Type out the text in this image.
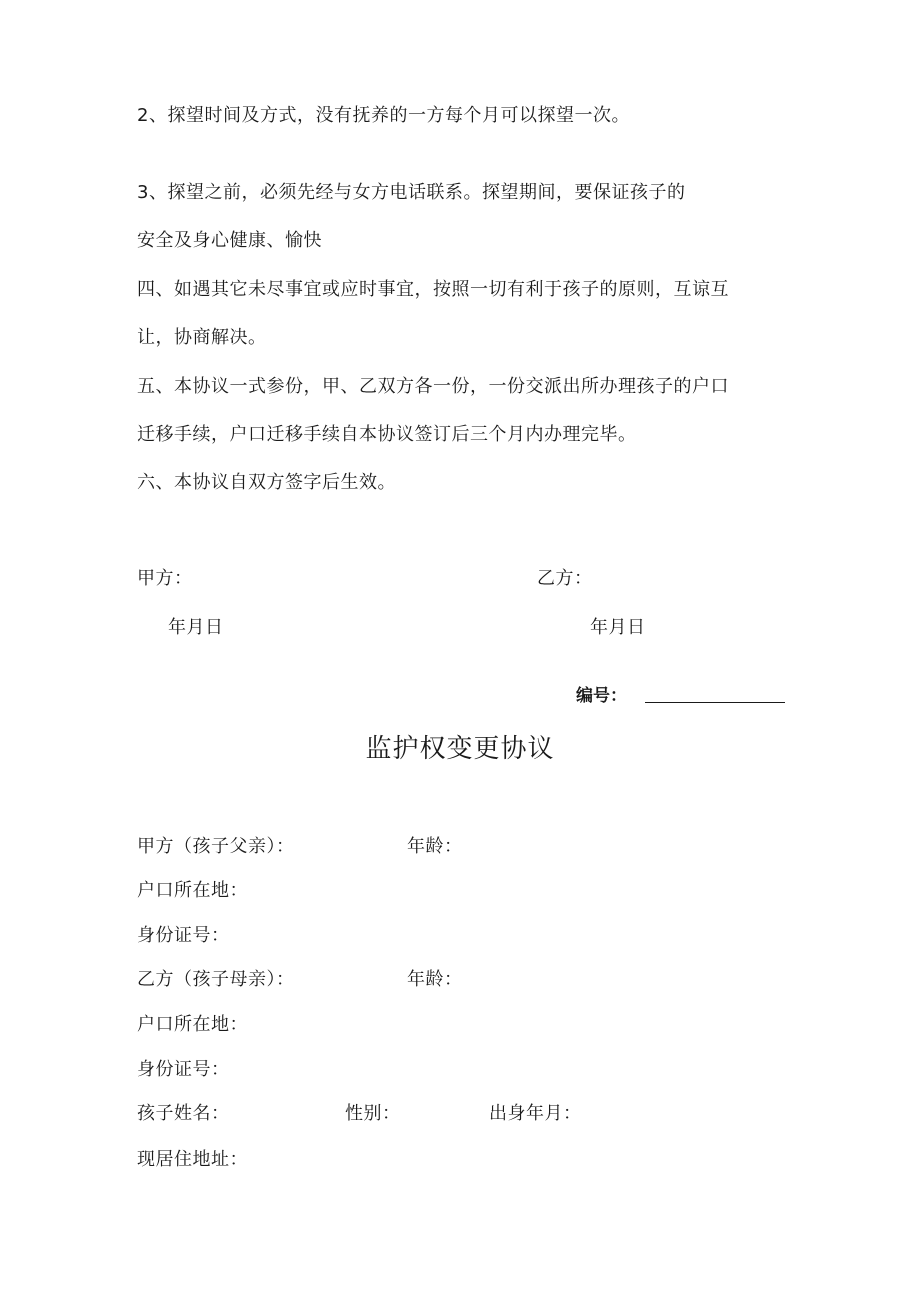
2、探望时间及方式，没有抚养的一方每个月可以探望一次。
3、探望之前，必须先经与女方电话联系。探望期间，要保证孩子的
安全及身心健康、愉快
四、如遇其它未尽事宜或应时事宜，按照一切有利于孩子的原则，互谅互
让，协商解决。
五、本协议一式参份，甲、乙双方各一份，一份交派出所办理孩子的户口
迁移手续，户口迁移手续自本协议签订后三个月内办理完毕。
六、本协议自双方签字后生效。
甲方：	乙方：
年月日	年月日
编号：
监护权变更协议
甲方（孩子父亲）：	年龄：
户口所在地：
身份证号：
乙方（孩子母亲）：	年龄：
户口所在地：
身份证号：
孩子姓名：	性别：	出身年月：
现居住地址：
